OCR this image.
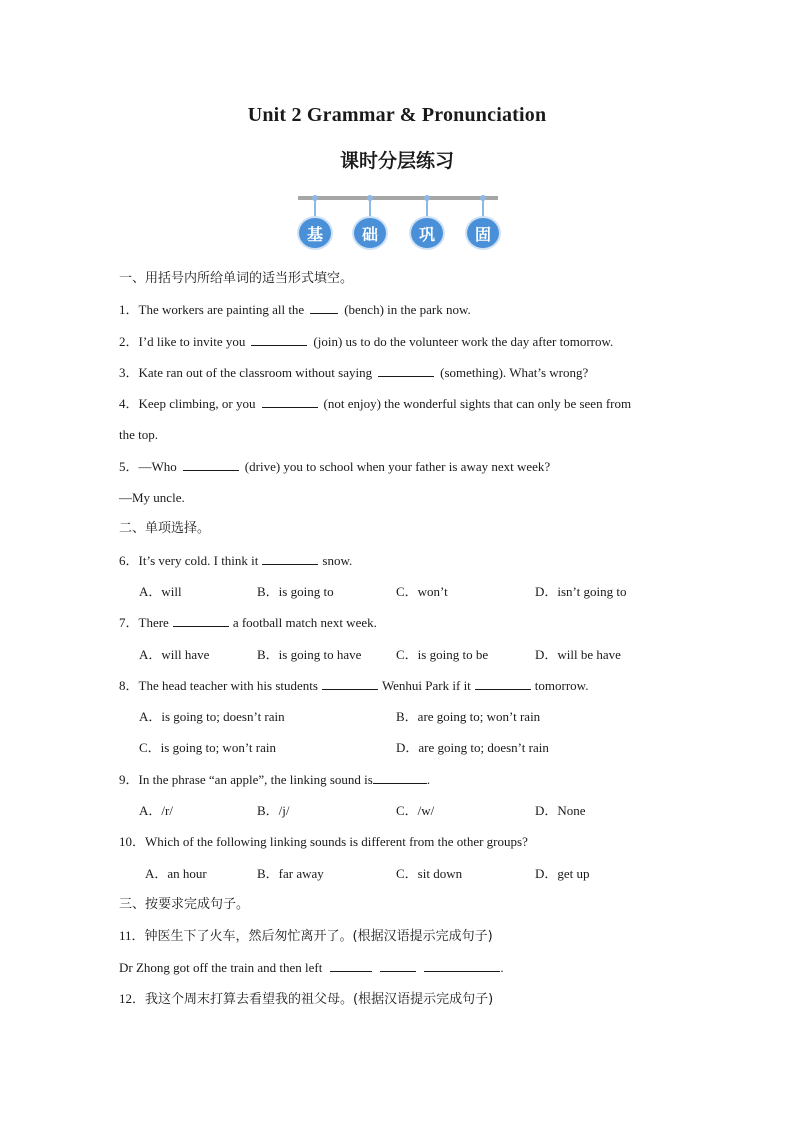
Unit 2 Grammar & Pronunciation
课时分层练习
基	础	巩	固
一、用括号内所给单词的适当形式填空。
1．The workers are painting all the	(bench) in the park now.
2．I’d like to invite you	(join) us to do the volunteer work the day after tomorrow.
3．Kate ran out of the classroom without saying	(something). What’s wrong?
4．Keep climbing, or you	(not enjoy) the wonderful sights that can only be seen from
the top.
5．—Who	(drive) you to school when your father is away next week?
—My uncle.
二、单项选择。
6．It’s very cold. I think it	snow.
A．will	B．is going to	C．won’t	D．isn’t going to
7．There	a football match next week.
A．will have	B．is going to have	C．is going to be	D．will be have
8．The head teacher with his students	Wenhui Park if it	tomorrow.
A．is going to; doesn’t rain	B．are going to; won’t rain
C．is going to; won’t rain	D．are going to; doesn’t rain
9．In the phrase “an apple”, the linking sound is	.
A．/r/	B．/j/	C．/w/	D．None
10．Which of the following linking sounds is different from the other groups?
A．an hour	B．far away	C．sit down	D．get up
三、按要求完成句子。
11．钟医生下了火车，然后匆忙离开了。(根据汉语提示完成句子)
Dr Zhong got off the train and then left	.
12．我这个周末打算去看望我的祖父母。(根据汉语提示完成句子)
